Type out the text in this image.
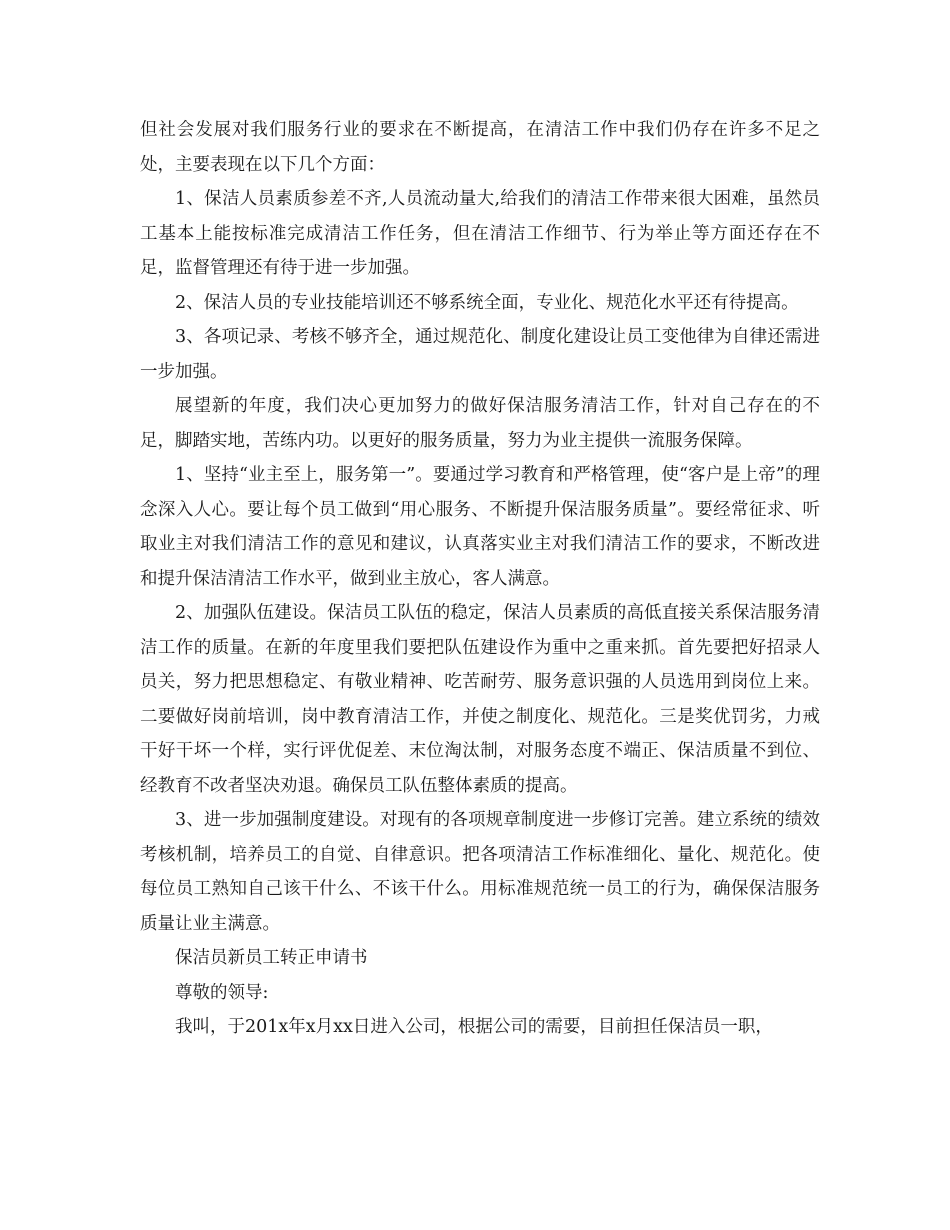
但社会发展对我们服务行业的要求在不断提高，在清洁工作中我们仍存在许多不足之处，主要表现在以下几个方面：

1、保洁人员素质参差不齐,人员流动量大,给我们的清洁工作带来很大困难，虽然员工基本上能按标准完成清洁工作任务，但在清洁工作细节、行为举止等方面还存在不足，监督管理还有待于进一步加强。

2、保洁人员的专业技能培训还不够系统全面，专业化、规范化水平还有待提高。

3、各项记录、考核不够齐全，通过规范化、制度化建设让员工变他律为自律还需进一步加强。

展望新的年度，我们决心更加努力的做好保洁服务清洁工作，针对自己存在的不足，脚踏实地，苦练内功。以更好的服务质量，努力为业主提供一流服务保障。

1、坚持“业主至上，服务第一”。要通过学习教育和严格管理，使“客户是上帝”的理念深入人心。要让每个员工做到“用心服务、不断提升保洁服务质量”。要经常征求、听取业主对我们清洁工作的意见和建议，认真落实业主对我们清洁工作的要求，不断改进和提升保洁清洁工作水平，做到业主放心，客人满意。

2、加强队伍建设。保洁员工队伍的稳定，保洁人员素质的高低直接关系保洁服务清洁工作的质量。在新的年度里我们要把队伍建设作为重中之重来抓。首先要把好招录人员关，努力把思想稳定、有敬业精神、吃苦耐劳、服务意识强的人员选用到岗位上来。二要做好岗前培训，岗中教育清洁工作，并使之制度化、规范化。三是奖优罚劣，力戒干好干坏一个样，实行评优促差、末位淘汰制，对服务态度不端正、保洁质量不到位、经教育不改者坚决劝退。确保员工队伍整体素质的提高。

3、进一步加强制度建设。对现有的各项规章制度进一步修订完善。建立系统的绩效考核机制，培养员工的自觉、自律意识。把各项清洁工作标准细化、量化、规范化。使每位员工熟知自己该干什么、不该干什么。用标准规范统一员工的行为，确保保洁服务质量让业主满意。

保洁员新员工转正申请书

尊敬的领导:

我叫，于201x年x月xx日进入公司，根据公司的需要，目前担任保洁员一职，
